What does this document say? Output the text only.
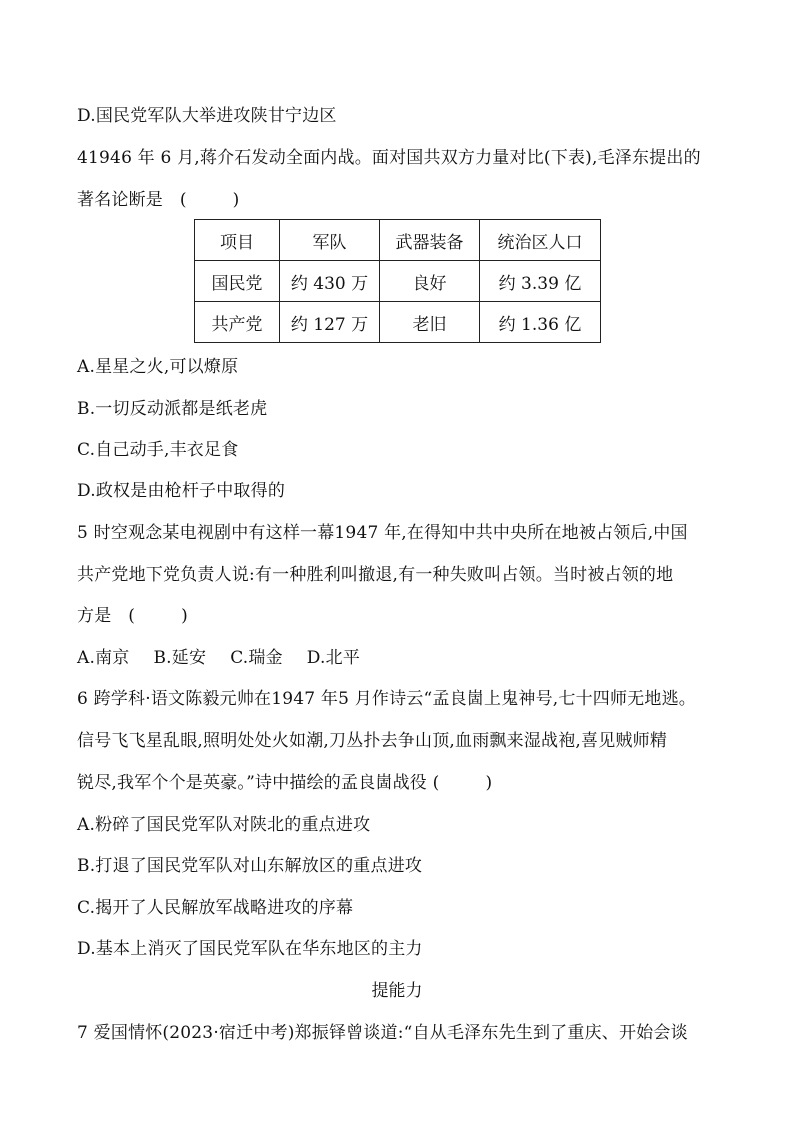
D.国民党军队大举进攻陕甘宁边区
41946 年 6 月,蒋介石发动全面内战。面对国共双方力量对比(下表),毛泽东提出的
著名论断是 (	)
项目	军队	武器装备	统治区人口
国民党	约 430 万	良好	约 3.39 亿
共产党	约 127 万	老旧	约 1.36 亿
A.星星之火,可以燎原
B.一切反动派都是纸老虎
C.自己动手,丰衣足食
D.政权是由枪杆子中取得的
5 时空观念某电视剧中有这样一幕1947 年,在得知中共中央所在地被占领后,中国
共产党地下党负责人说:有一种胜利叫撤退,有一种失败叫占领。当时被占领的地
方是 (	)
A.南京 B.延安 C.瑞金 D.北平
6 跨学科·语文陈毅元帅在1947 年5 月作诗云“孟良崮上鬼神号,七十四师无地逃。
信号飞飞星乱眼,照明处处火如潮,刀丛扑去争山顶,血雨飘来湿战袍,喜见贼师精
锐尽,我军个个是英豪。”诗中描绘的孟良崮战役 (	)
A.粉碎了国民党军队对陕北的重点进攻
B.打退了国民党军队对山东解放区的重点进攻
C.揭开了人民解放军战略进攻的序幕
D.基本上消灭了国民党军队在华东地区的主力
提能力
7 爱国情怀(2023·宿迁中考)郑振铎曾谈道:“自从毛泽东先生到了重庆、开始会谈
